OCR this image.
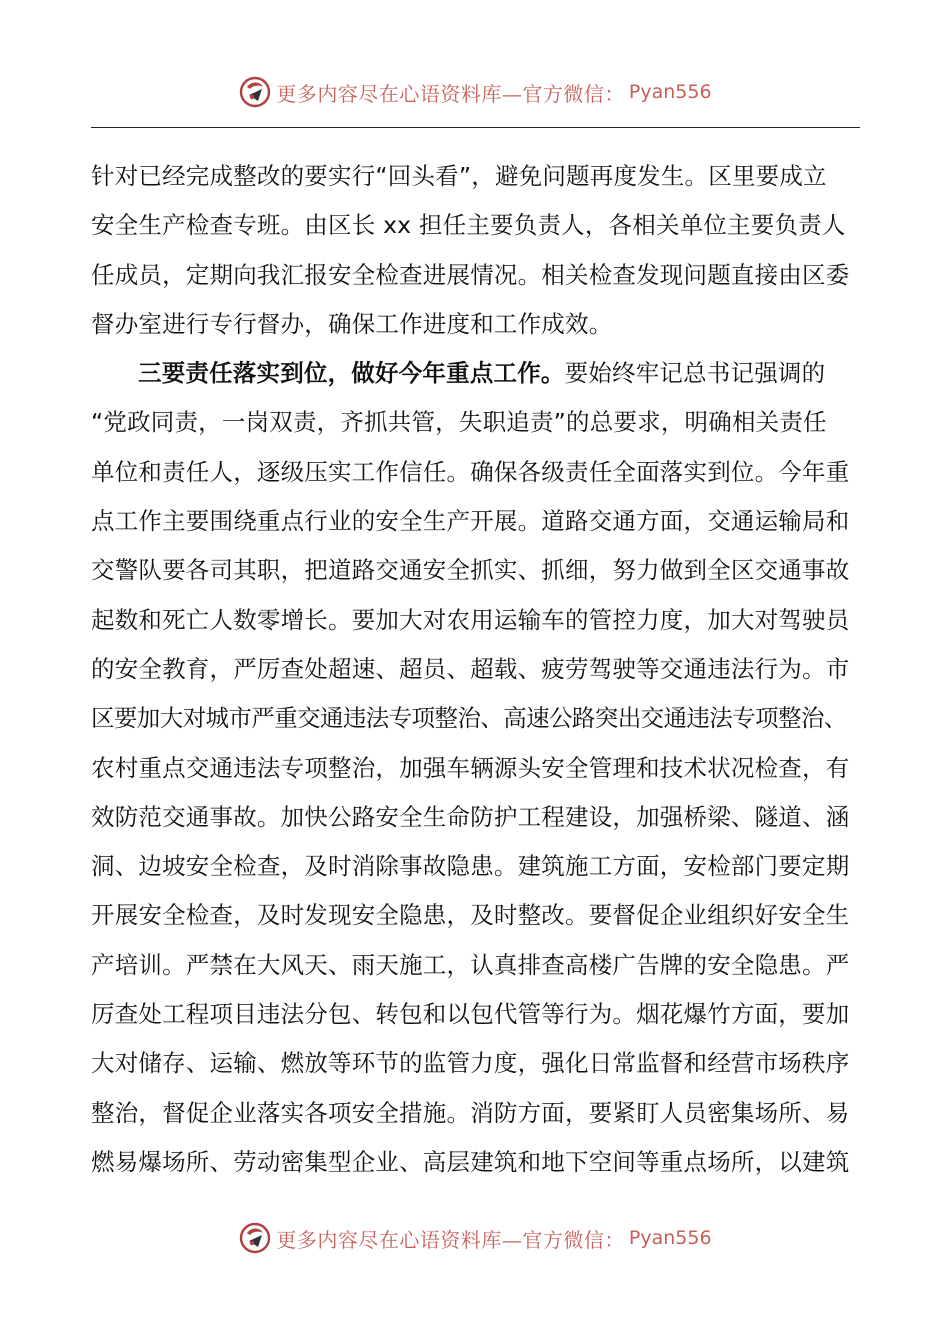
更多内容尽在心语资料库—官方微信： Pyan556
针对已经完成整改的要实行“回头看”，避免问题再度发生。区里要成立
安全生产检查专班。由区长 xx 担任主要负责人，各相关单位主要负责人
任成员，定期向我汇报安全检查进展情况。相关检查发现问题直接由区委
督办室进行专行督办，确保工作进度和工作成效。
三要责任落实到位，做好今年重点工作。要始终牢记总书记强调的
“党政同责，一岗双责，齐抓共管，失职追责”的总要求，明确相关责任
单位和责任人，逐级压实工作信任。确保各级责任全面落实到位。今年重
点工作主要围绕重点行业的安全生产开展。道路交通方面，交通运输局和
交警队要各司其职，把道路交通安全抓实、抓细，努力做到全区交通事故
起数和死亡人数零增长。要加大对农用运输车的管控力度，加大对驾驶员
的安全教育，严厉查处超速、超员、超载、疲劳驾驶等交通违法行为。市
区要加大对城市严重交通违法专项整治、高速公路突出交通违法专项整治、
农村重点交通违法专项整治，加强车辆源头安全管理和技术状况检查，有
效防范交通事故。加快公路安全生命防护工程建设，加强桥梁、隧道、涵
洞、边坡安全检查，及时消除事故隐患。建筑施工方面，安检部门要定期
开展安全检查，及时发现安全隐患，及时整改。要督促企业组织好安全生
产培训。严禁在大风天、雨天施工，认真排查高楼广告牌的安全隐患。严
厉查处工程项目违法分包、转包和以包代管等行为。烟花爆竹方面，要加
大对储存、运输、燃放等环节的监管力度，强化日常监督和经营市场秩序
整治，督促企业落实各项安全措施。消防方面，要紧盯人员密集场所、易
燃易爆场所、劳动密集型企业、高层建筑和地下空间等重点场所，以建筑
更多内容尽在心语资料库—官方微信： Pyan556
